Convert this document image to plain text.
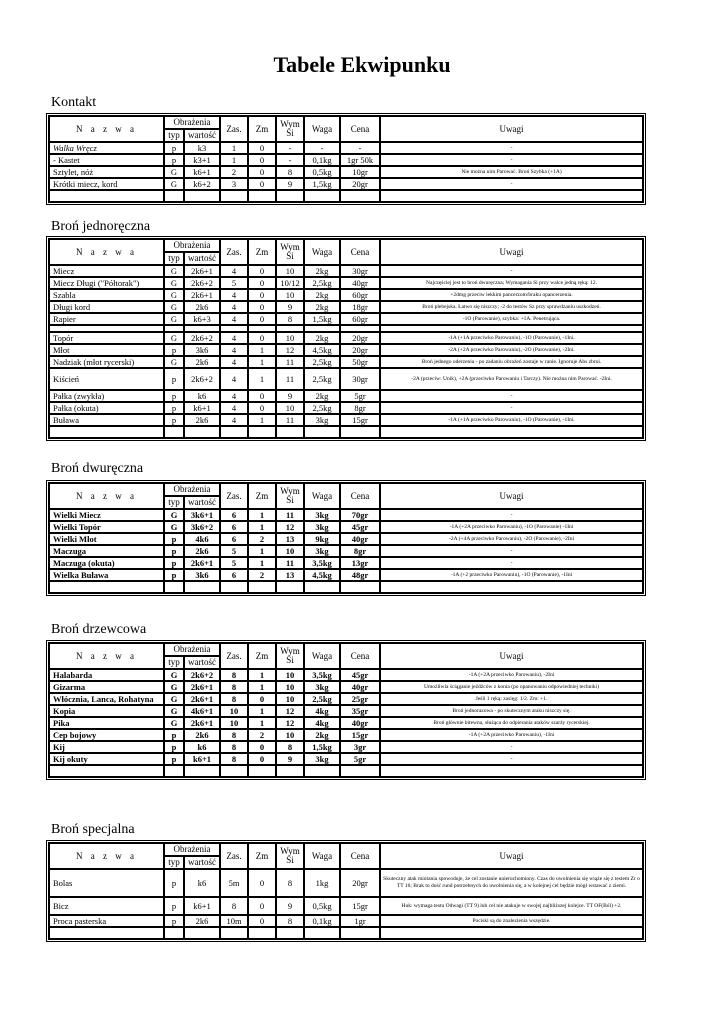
Tabele Ekwipunku
Kontakt
N a z w a	Obrażenia		Zas.	Zm	Wym Si	Waga	Cena	Uwagi
	typ	wartość						
Walka Wręcz	p	k3	1	0	-	-	-	-
- Kastet	p	k3+1	1	0	-	0,1kg	1gr 50k	-
Sztylet, nóż	G	k6+1	2	0	8	0,5kg	10gr	Nie można nim Parować. Broń Szybka (+1A)
Krótki miecz, kord	G	k6+2	3	0	9	1,5kg	20gr	-

Broń jednoręczna
N a z w a	Obrażenia		Zas.	Zm	Wym Si	Waga	Cena	Uwagi
	typ	wartość						
Miecz	G	2k6+1	4	0	10	2kg	30gr	-
Miecz Długi ("Półtorak")	G	2k6+2	5	0	10/12	2,5kg	40gr	Najczęściej jest to broń dwuręczna; Wymagania Si przy walce jedną ręką: 12.
Szabla	G	2k6+1	4	0	10	2kg	60gr	+2dmg przeciw lekkim pancerzom/braku opancerzenia.
Długi kord	G	2k6	4	0	9	2kg	18gr	Broń plebejska. Łatwo się niszczy; -2 do testów Sz przy sprawdzaniu uszkodzeń.
Rapier	G	k6+3	4	0	8	1,5kg	60gr	-1O (Parowanie), szybka: +1A. Penetrująca.

Topór	G	2k6+2	4	0	10	2kg	20gr	-1A (+1A przeciwko Parowaniu), -1O (Parowanie), -1Ini.
Młot	p	3k6	4	1	12	4,5kg	20gr	-2A (+2A przeciwko Parowaniu), -2O (Parowanie), -2Ini.
Nadziak (młot rycerski)	G	2k6	4	1	11	2,5kg	50gr	Broń jednego uderzenia - po zadaniu obrażeń zostaje w ranie. Ignoruje Abs zbroi.
Kiścień	p	2k6+2	4	1	11	2,5kg	30gr	-2A (przeciw: Unik), +2A (przeciwko Parowaniu i Tarczy). Nie można nim Parować. -2Ini.
Pałka (zwykła)	p	k6	4	0	9	2kg	5gr	-
Pałka (okuta)	p	k6+1	4	0	10	2,5kg	8gr	-
Buława	p	2k6	4	1	11	3kg	15gr	-1A (+1A przeciwko Parowaniu), -1O (Parowanie), -1Ini.

Broń dwuręczna
N a z w a	Obrażenia		Zas.	Zm	Wym Si	Waga	Cena	Uwagi
	typ	wartość						
Wielki Miecz	G	3k6+1	6	1	11	3kg	70gr	-
Wielki Topór	G	3k6+2	6	1	12	3kg	45gr	-1A (+2A przeciwko Parowaniu), -1O (Parowanie) -1Ini
Wielki Młot	p	4k6	6	2	13	9kg	40gr	-2A (+4A przeciwko Parowaniu), -2O (Parowanie), -2Ini
Maczuga	p	2k6	5	1	10	3kg	8gr	-
Maczuga (okuta)	p	2k6+1	5	1	11	3,5kg	13gr	-
Wielka Buława	p	3k6	6	2	13	4,5kg	48gr	-1A (+2 przeciwko Parowaniu), -1O (Parowanie), -1Ini

Broń drzewcowa
N a z w a	Obrażenia		Zas.	Zm	Wym Si	Waga	Cena	Uwagi
	typ	wartość						
Halabarda	G	2k6+2	8	1	10	3,5kg	45gr	-1A (+2A przeciwko Parowaniu), -2Ini
Gizarma	G	2k6+1	8	1	10	3kg	40gr	Umożliwia ściąganie jeźdźców z konia (po opanowaniu odpowiedniej techniki)
Włócznia, Lanca, Rohatyna	G	2k6+1	8	0	10	2,5kg	25gr	Jeśli 1 ręką: zasięg: 1/2. Zm: +1.
Kopia	G	4k6+1	10	1	12	4kg	35gr	Broń jednorazowa - po skutecznym ataku niszczy się.
Pika	G	2k6+1	10	1	12	4kg	40gr	Broń głównie bitewna, służąca do odpierania ataków szarży rycerskiej.
Cep bojowy	p	2k6	8	2	10	2kg	15gr	-1A (+2A przeciwko Parowaniu), -1Ini
Kij	p	k6	8	0	8	1,5kg	3gr	-
Kij okuty	p	k6+1	8	0	9	3kg	5gr	-

Broń specjalna
N a z w a	Obrażenia		Zas.	Zm	Wym Si	Waga	Cena	Uwagi
	typ	wartość						
Bolas	p	k6	5m	0	8	1kg	20gr	Skuteczny atak miotania spowoduje, że cel zostanie unieruchomiony. Czas do uwolnienia się wiąże się z testem Zr o TT 16; Brak to dość rund potrzebnych do uwolnienia się, a w kolejnej cel będzie mógł wstawać z ziemi.
Bicz	p	k6+1	8	0	9	0,5kg	15gr	Huk: wymaga testu Odwagi (TT 9) lub cel nie atakuje w swojej najbliższej kolejce. TT OF(Ból) +2.
Proca pasterska	p	2k6	10m	0	8	0,1kg	1gr	Pociski są do znalezienia wszędzie.
